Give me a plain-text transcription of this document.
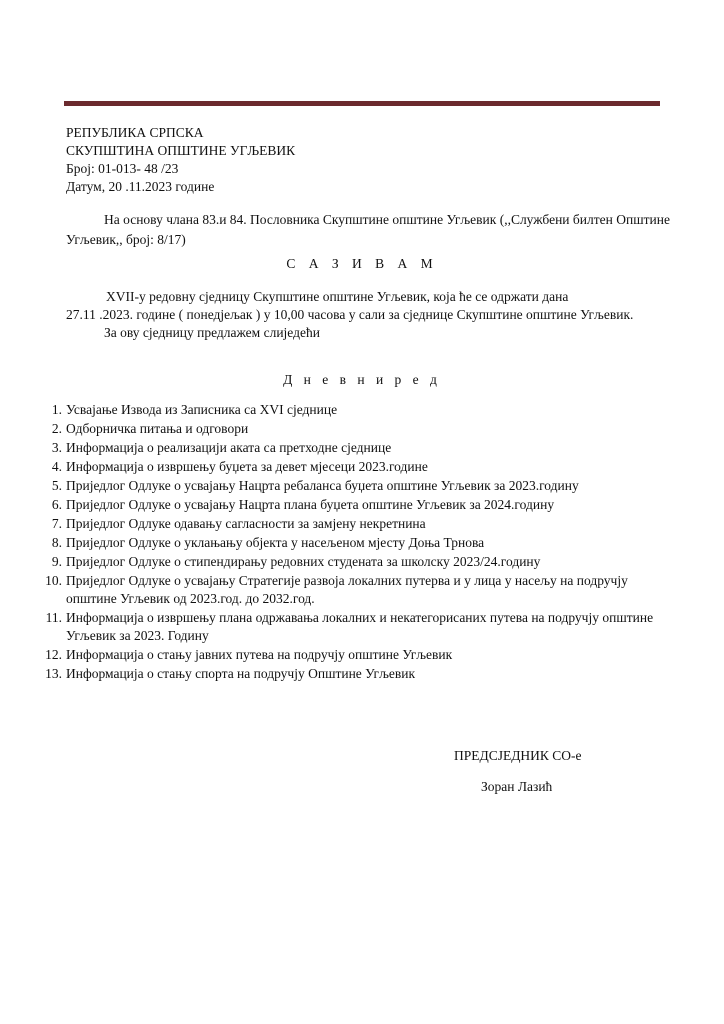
РЕПУБЛИКА СРПСКА
СКУПШТИНА ОПШТИНЕ УГЉЕВИК
Број: 01-013- 48 /23
Датум, 20 .11.2023 године
На основу члана 83.и 84. Пословника Скупштине општине Угљевик (,,Службени билтен Општине Угљевик,, број: 8/17)
С А З И В А М

XVII-у редовну сједницу Скупштине општине Угљевик, која ће се одржати дана

27.11 .2023. године ( понедјељак ) у 10,00 часова у сали за сједнице Скупштине општине Угљевик.

За ову сједницу предлажем слиједећи

Д н е в н и р е д
1. Усвајање Извода из Записника са XVI сједнице
2. Одборничка питања и одговори
3. Информација о реализацији аката са претходне сједнице
4. Информација о извршењу буџета за девет мјесеци 2023.године
5. Приједлог Одлуке о усвајању Нацрта ребаланса буџета општине Угљевик за 2023.годину
6. Приједлог Одлуке о усвајању Нацрта плана буџета општине Угљевик за 2024.годину
7. Приједлог Одлуке одавању сагласности за замјену некретнина
8. Приједлог Одлуке о уклањању објекта у насељеном мјесту Доња Трнова
9. Приједлог Одлуке о стипендирању редовних студената за школску 2023/24.годину
10. Приједлог Одлуке о усвајању Стратегије развоја локалних путерва и у лица у насељу на подручју општине Угљевик од 2023.год. до 2032.год.
11. Информација о извршењу плана одржавања локалних и некатегорисаних путева на подручју општине Угљевик за 2023. Годину
12. Информација о стању јавних путева на подручју општине Угљевик
13. Информација о стању спорта на подручју Општине Угљевик
ПРЕДСЈЕДНИК СО-е
Зоран Лазић
